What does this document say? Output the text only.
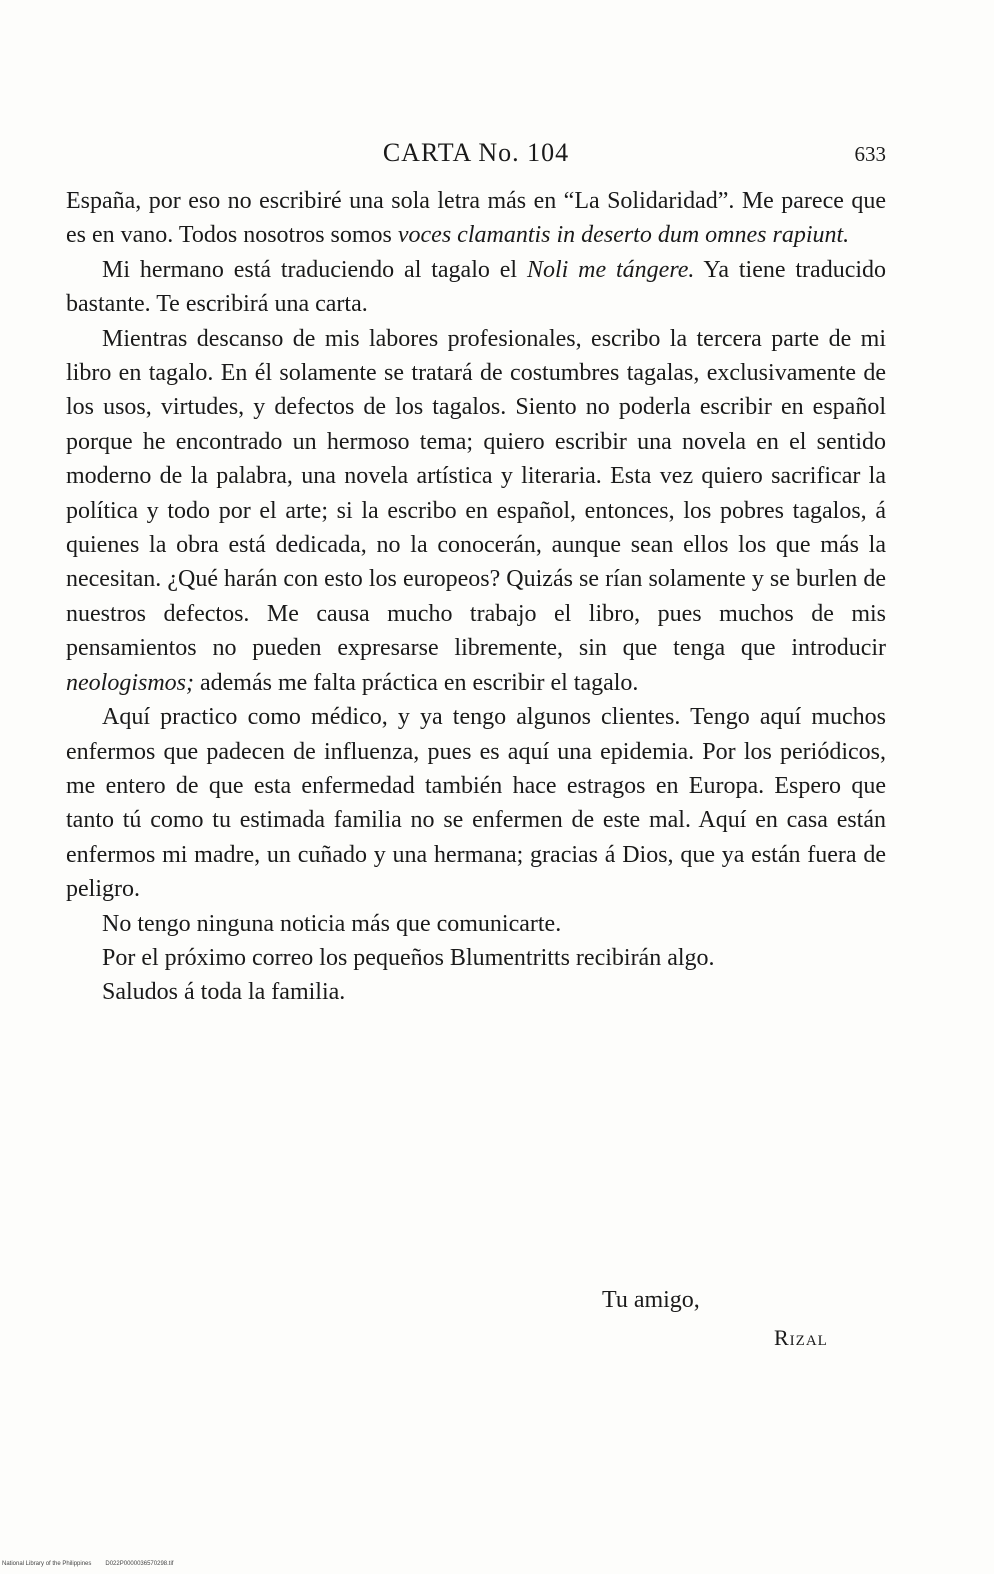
CARTA No. 104	633

España, por eso no escribiré una sola letra más en “La Solidaridad”. Me parece que es en vano. Todos nosotros somos voces clamantis in deserto dum omnes rapiunt.

Mi hermano está traduciendo al tagalo el Noli me tángere. Ya tiene traducido bastante. Te escribirá una carta.

Mientras descanso de mis labores profesionales, escribo la tercera parte de mi libro en tagalo. En él solamente se tratará de costumbres tagalas, exclusivamente de los usos, virtudes, y defectos de los tagalos. Siento no poderla escribir en español porque he encontrado un hermoso tema; quiero escribir una novela en el sentido moderno de la palabra, una novela artística y literaria. Esta vez quiero sacrificar la política y todo por el arte; si la escribo en español, entonces, los pobres tagalos, á quienes la obra está dedicada, no la conocerán, aunque sean ellos los que más la necesitan. ¿Qué harán con esto los europeos? Quizás se rían solamente y se burlen de nuestros defectos. Me causa mucho trabajo el libro, pues muchos de mis pensamientos no pueden expresarse libremente, sin que tenga que introducir neologismos; además me falta práctica en escribir el tagalo.

Aquí practico como médico, y ya tengo algunos clientes. Tengo aquí muchos enfermos que padecen de influenza, pues es aquí una epidemia. Por los periódicos, me entero de que esta enfermedad también hace estragos en Europa. Espero que tanto tú como tu estimada familia no se enfermen de este mal. Aquí en casa están enfermos mi madre, un cuñado y una hermana; gracias á Dios, que ya están fuera de peligro.

No tengo ninguna noticia más que comunicarte.

Por el próximo correo los pequeños Blumentritts recibirán algo.

Saludos á toda la familia.

Tu amigo,
Rizal
National Library of the Philippines D022P0000036570298.tif
